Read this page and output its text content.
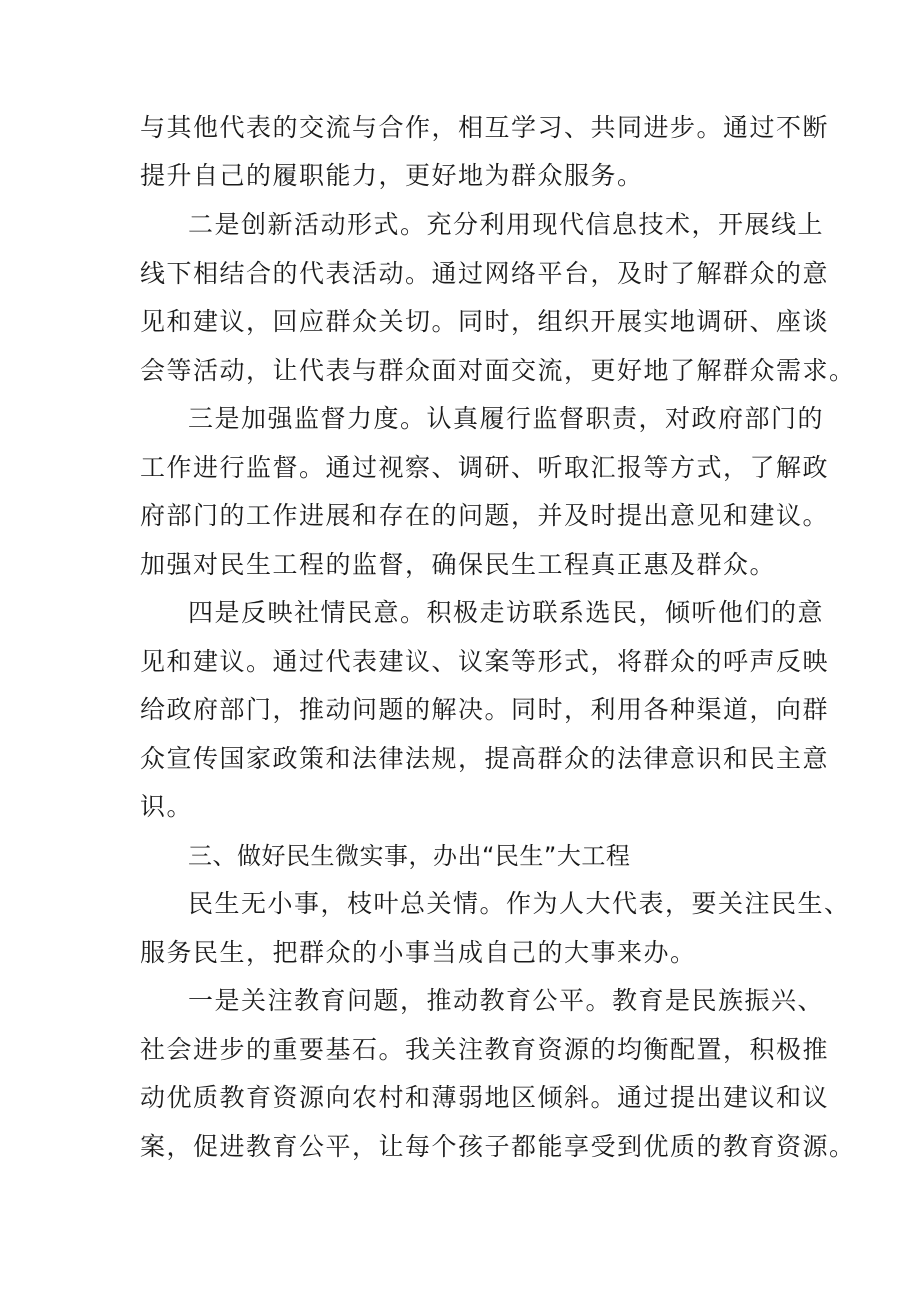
与其他代表的交流与合作，相互学习、共同进步。通过不断
提升自己的履职能力，更好地为群众服务。
二是创新活动形式。充分利用现代信息技术，开展线上
线下相结合的代表活动。通过网络平台，及时了解群众的意
见和建议，回应群众关切。同时，组织开展实地调研、座谈
会等活动，让代表与群众面对面交流，更好地了解群众需求。
三是加强监督力度。认真履行监督职责，对政府部门的
工作进行监督。通过视察、调研、听取汇报等方式，了解政
府部门的工作进展和存在的问题，并及时提出意见和建议。
加强对民生工程的监督，确保民生工程真正惠及群众。
四是反映社情民意。积极走访联系选民，倾听他们的意
见和建议。通过代表建议、议案等形式，将群众的呼声反映
给政府部门，推动问题的解决。同时，利用各种渠道，向群
众宣传国家政策和法律法规，提高群众的法律意识和民主意
识。
三、做好民生微实事，办出“民生”大工程
民生无小事，枝叶总关情。作为人大代表，要关注民生、
服务民生，把群众的小事当成自己的大事来办。
一是关注教育问题，推动教育公平。教育是民族振兴、
社会进步的重要基石。我关注教育资源的均衡配置，积极推
动优质教育资源向农村和薄弱地区倾斜。通过提出建议和议
案，促进教育公平，让每个孩子都能享受到优质的教育资源。
